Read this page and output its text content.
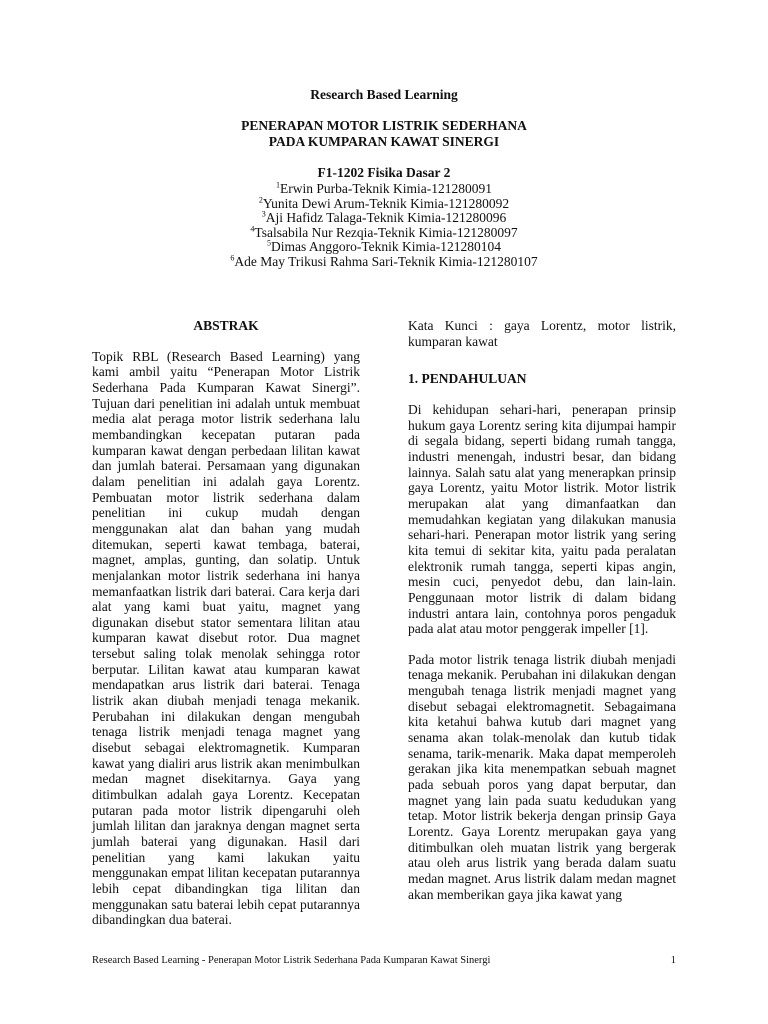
Research Based Learning

PENERAPAN MOTOR LISTRIK SEDERHANA
PADA KUMPARAN KAWAT SINERGI

F1-1202 Fisika Dasar 2

$^1$Erwin Purba-Teknik Kimia-121280091
$^2$Yunita Dewi Arum-Teknik Kimia-121280092
$^3$Aji Hafidz Talaga-Teknik Kimia-121280096
$^4$Tsalsabila Nur Rezqia-Teknik Kimia-121280097
$^5$Dimas Anggoro-Teknik Kimia-121280104
$^6$Ade May Trikusi Rahma Sari-Teknik Kimia-121280107
ABSTRAK

Topik RBL (Research Based Learning) yang kami ambil yaitu “Penerapan Motor Listrik Sederhana Pada Kumparan Kawat Sinergi”. Tujuan dari penelitian ini adalah untuk membuat media alat peraga motor listrik sederhana lalu membandingkan kecepatan putaran pada kumparan kawat dengan perbedaan lilitan kawat dan jumlah baterai. Persamaan yang digunakan dalam penelitian ini adalah gaya Lorentz. Pembuatan motor listrik sederhana dalam penelitian ini cukup mudah dengan menggunakan alat dan bahan yang mudah ditemukan, seperti kawat tembaga, baterai, magnet, amplas, gunting, dan solatip. Untuk menjalankan motor listrik sederhana ini hanya memanfaatkan listrik dari baterai. Cara kerja dari alat yang kami buat yaitu, magnet yang digunakan disebut stator sementara lilitan atau kumparan kawat disebut rotor. Dua magnet tersebut saling tolak menolak sehingga rotor berputar. Lilitan kawat atau kumparan kawat mendapatkan arus listrik dari baterai. Tenaga listrik akan diubah menjadi tenaga mekanik. Perubahan ini dilakukan dengan mengubah tenaga listrik menjadi tenaga magnet yang disebut sebagai elektromagnetik. Kumparan kawat yang dialiri arus listrik akan menimbulkan medan magnet disekitarnya. Gaya yang ditimbulkan adalah gaya Lorentz. Kecepatan putaran pada motor listrik dipengaruhi oleh jumlah lilitan dan jaraknya dengan magnet serta jumlah baterai yang digunakan. Hasil dari penelitian yang kami lakukan yaitu menggunakan empat lilitan kecepatan putarannya lebih cepat dibandingkan tiga lilitan dan menggunakan satu baterai lebih cepat putarannya dibandingkan dua baterai.

Kata Kunci : gaya Lorentz, motor listrik, kumparan kawat

1. PENDAHULUAN

Di kehidupan sehari-hari, penerapan prinsip hukum gaya Lorentz sering kita dijumpai hampir di segala bidang, seperti bidang rumah tangga, industri menengah, industri besar, dan bidang lainnya. Salah satu alat yang menerapkan prinsip gaya Lorentz, yaitu Motor listrik. Motor listrik merupakan alat yang dimanfaatkan dan memudahkan kegiatan yang dilakukan manusia sehari-hari. Penerapan motor listrik yang sering kita temui di sekitar kita, yaitu pada peralatan elektronik rumah tangga, seperti kipas angin, mesin cuci, penyedot debu, dan lain-lain. Penggunaan motor listrik di dalam bidang industri antara lain, contohnya poros pengaduk pada alat atau motor penggerak impeller [1].

Pada motor listrik tenaga listrik diubah menjadi tenaga mekanik. Perubahan ini dilakukan dengan mengubah tenaga listrik menjadi magnet yang disebut sebagai elektromagnetit. Sebagaimana kita ketahui bahwa kutub dari magnet yang senama akan tolak-menolak dan kutub tidak senama, tarik-menarik. Maka dapat memperoleh gerakan jika kita menempatkan sebuah magnet pada sebuah poros yang dapat berputar, dan magnet yang lain pada suatu kedudukan yang tetap. Motor listrik bekerja dengan prinsip Gaya Lorentz. Gaya Lorentz merupakan gaya yang ditimbulkan oleh muatan listrik yang bergerak atau oleh arus listrik yang berada dalam suatu medan magnet. Arus listrik dalam medan magnet akan memberikan gaya jika kawat yang

Research Based Learning - Penerapan Motor Listrik Sederhana Pada Kumparan Kawat Sinergi	1
